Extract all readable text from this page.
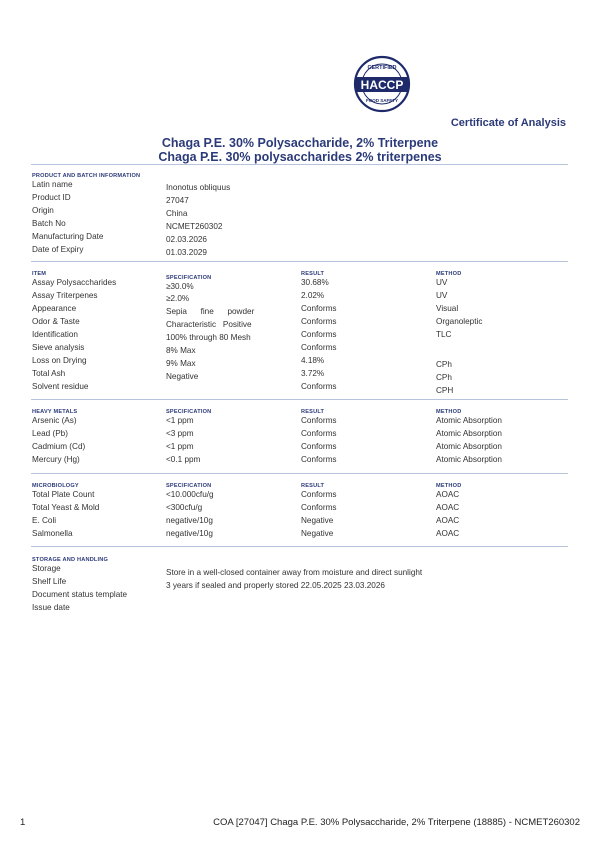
HACCP
CERTIFIED
FOOD SAFETY
Certificate of Analysis
Chaga P.E. 30% Polysaccharide, 2% Triterpene
Chaga P.E. 30% polysaccharides 2% triterpenes
PRODUCT AND BATCH INFORMATION
Latin name	Inonotus obliquus
Product ID	27047
Origin	China
Batch No	NCMET260302
Manufacturing Date	02.03.2026
Date of Expiry	01.03.2029
ITEM
SPECIFICATION
RESULT	METHOD
Assay Polysaccharides	≥30.0%	30.68%	UV
Assay Triterpenes	≥2.0%	2.02%	UV
Appearance	Sepia      fine      powder	Conforms	Visual
Odor & Taste	Characteristic   Positive	Conforms	Organoleptic
Identification	100% through 80 Mesh	Conforms	TLC
Sieve analysis	8% Max	Conforms
Loss on Drying	9% Max	4.18%	CPh
Total Ash	Negative	3.72%	CPh
Solvent residue	Conforms	CPH
HEAVY METALS	SPECIFICATION	RESULT	METHOD
Arsenic (As)	<1 ppm	Conforms	Atomic Absorption
Lead (Pb)	<3 ppm	Conforms	Atomic Absorption
Cadmium (Cd)	<1 ppm	Conforms	Atomic Absorption
Mercury (Hg)	<0.1 ppm	Conforms	Atomic Absorption
MICROBIOLOGY	SPECIFICATION	RESULT	METHOD
Total Plate Count	<10.000cfu/g	Conforms	AOAC
Total Yeast & Mold	<300cfu/g	Conforms	AOAC
E. Coli	negative/10g	Negative	AOAC
Salmonella	negative/10g	Negative	AOAC
STORAGE AND HANDLING
Storage	Store in a well-closed container away from moisture and direct sunlight
Shelf Life	3 years if sealed and properly stored 22.05.2025 23.03.2026
Document status template
Issue date
1	COA [27047] Chaga P.E. 30% Polysaccharide, 2% Triterpene (18885) - NCMET260302
